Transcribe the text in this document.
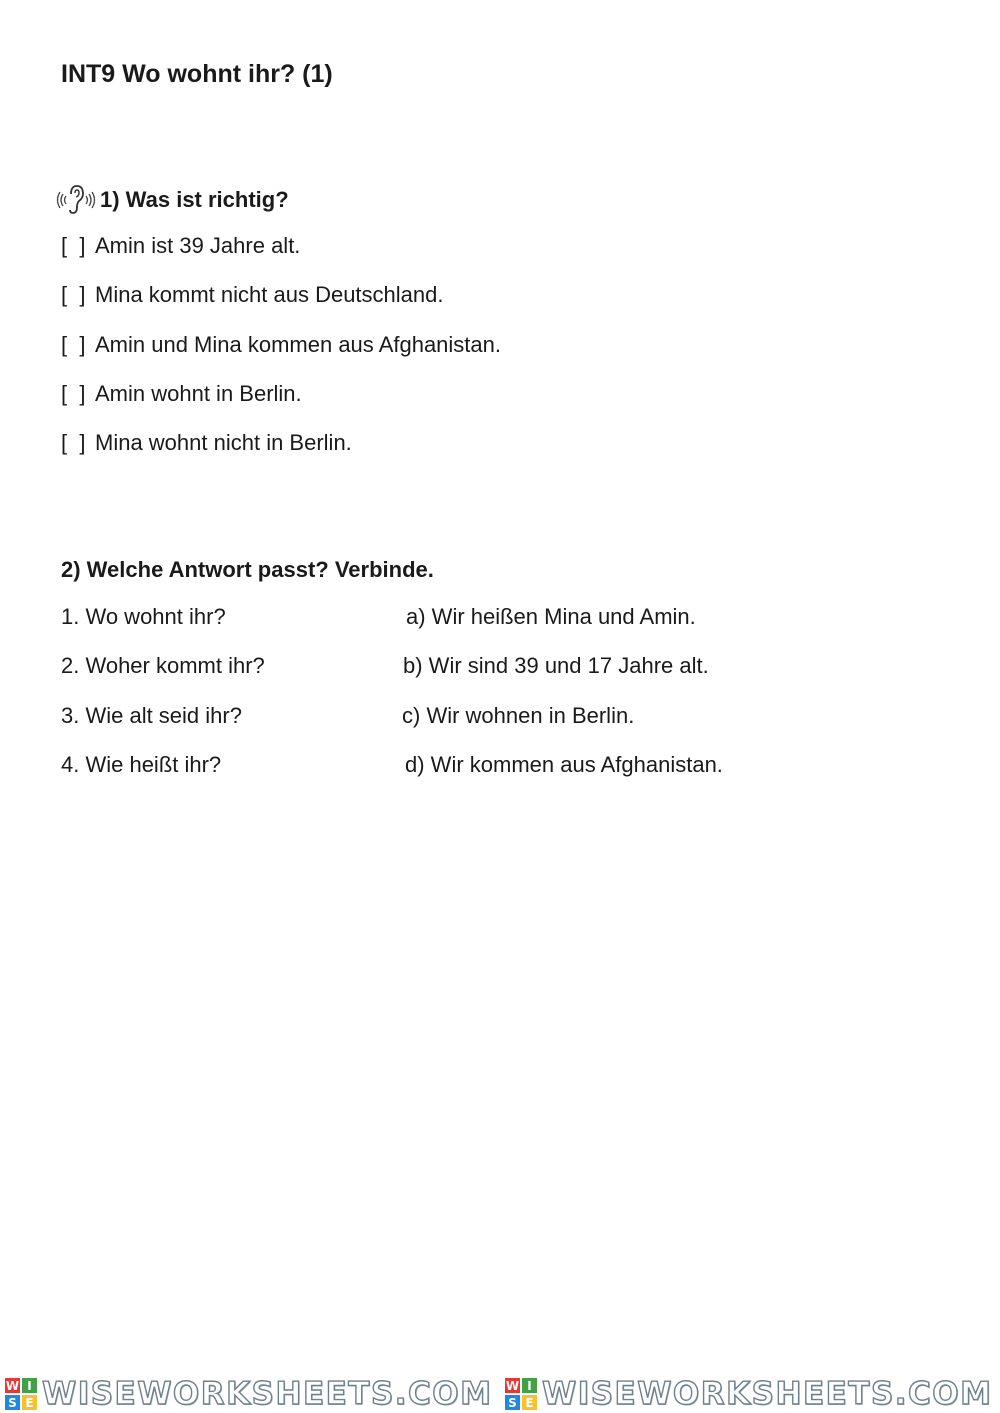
INT9 Wo wohnt ihr? (1)
1) Was ist richtig?
[  ] Amin ist 39 Jahre alt.
[  ] Mina kommt nicht aus Deutschland.
[  ] Amin und Mina kommen aus Afghanistan.
[  ] Amin wohnt in Berlin.
[  ] Mina wohnt nicht in Berlin.
2) Welche Antwort passt? Verbinde.
1. Wo wohnt ihr?	a) Wir heißen Mina und Amin.
2. Woher kommt ihr?	b) Wir sind 39 und 17 Jahre alt.
3. Wie alt seid ihr?	c) Wir wohnen in Berlin.
4. Wie heißt ihr?	d) Wir kommen aus Afghanistan.
W I
S E WISEWORKSHEETS.COM W I
S E WISEWORKSHEETS.COM
